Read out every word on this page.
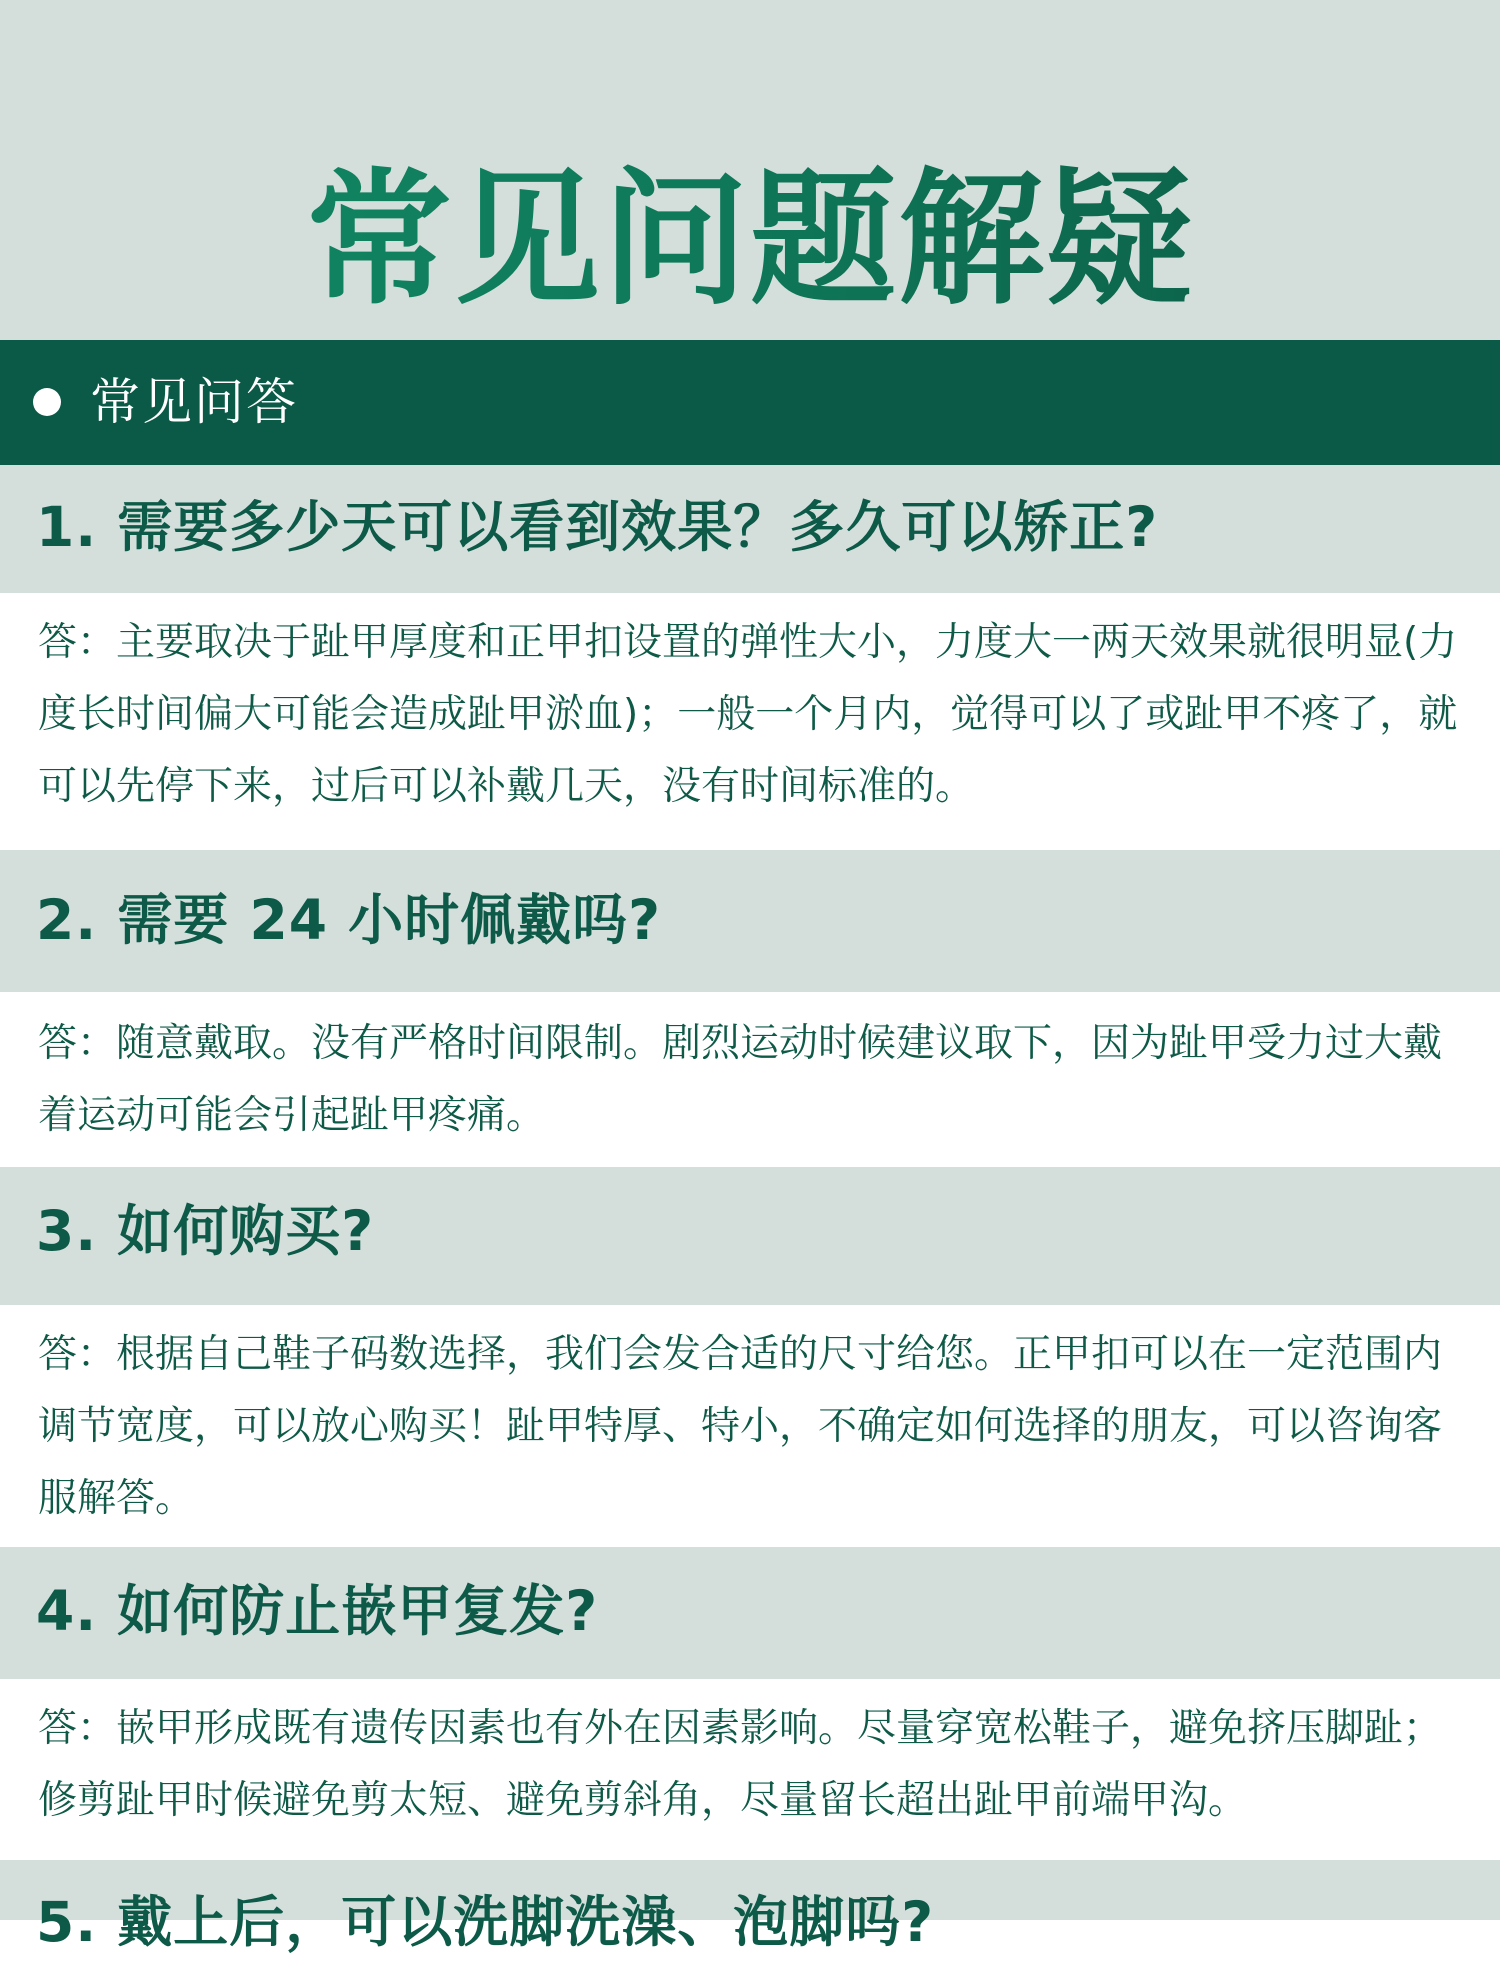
常见问题解疑
常见问答
1. 需要多少天可以看到效果？多久可以矫正?

答：主要取决于趾甲厚度和正甲扣设置的弹性大小，力度大一两天效果就很明显(力度长时间偏大可能会造成趾甲淤血)；一般一个月内，觉得可以了或趾甲不疼了，就可以先停下来，过后可以补戴几天，没有时间标准的。

2. 需要 24 小时佩戴吗?

答：随意戴取。没有严格时间限制。剧烈运动时候建议取下，因为趾甲受力过大戴着运动可能会引起趾甲疼痛。

3. 如何购买?

答：根据自己鞋子码数选择，我们会发合适的尺寸给您。正甲扣可以在一定范围内调节宽度，可以放心购买！趾甲特厚、特小，不确定如何选择的朋友，可以咨询客服解答。

4. 如何防止嵌甲复发?

答：嵌甲形成既有遗传因素也有外在因素影响。尽量穿宽松鞋子，避免挤压脚趾；修剪趾甲时候避免剪太短、避免剪斜角，尽量留长超出趾甲前端甲沟。

5. 戴上后，可以洗脚洗澡、泡脚吗?
